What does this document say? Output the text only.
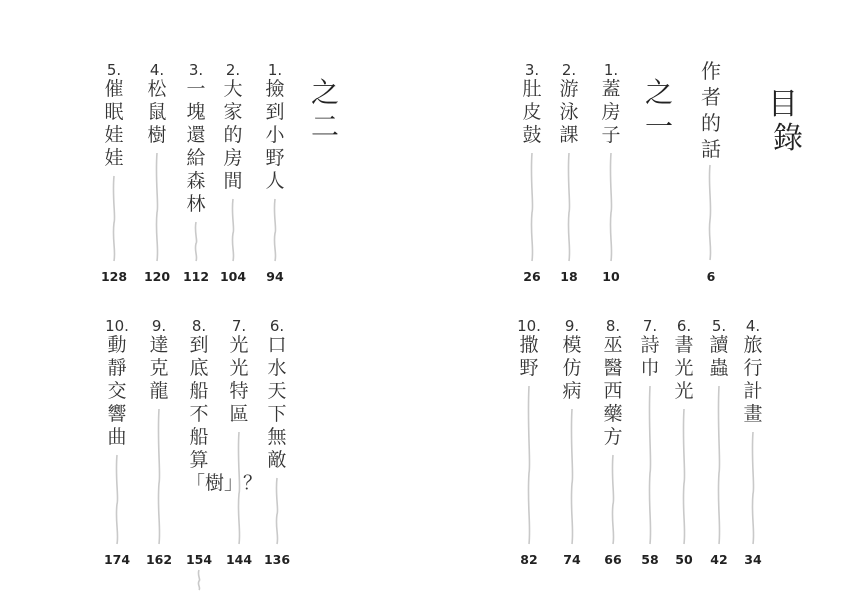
目
錄
作者的話
6
之
一
之
二
1.
蓋房子
10
2.
游泳課
18
3.
肚皮鼓
26
4.
旅行計畫
34
5.
讀蟲
42
6.
書光光
50
7.
詩巾
58
8.
巫醫西藥方
66
9.
模仿病
74
10.
撒野
82
1.
撿到小野人
94
2.
大家的房間
104
3.
一塊還給森林
112
4.
松鼠樹
120
5.
催眠娃娃
128
6.
口水天下無敵
136
7.
光光特區
144
8.
到底船不船算「樹」？
154
9.
達克龍
162
10.
動靜交響曲
174
